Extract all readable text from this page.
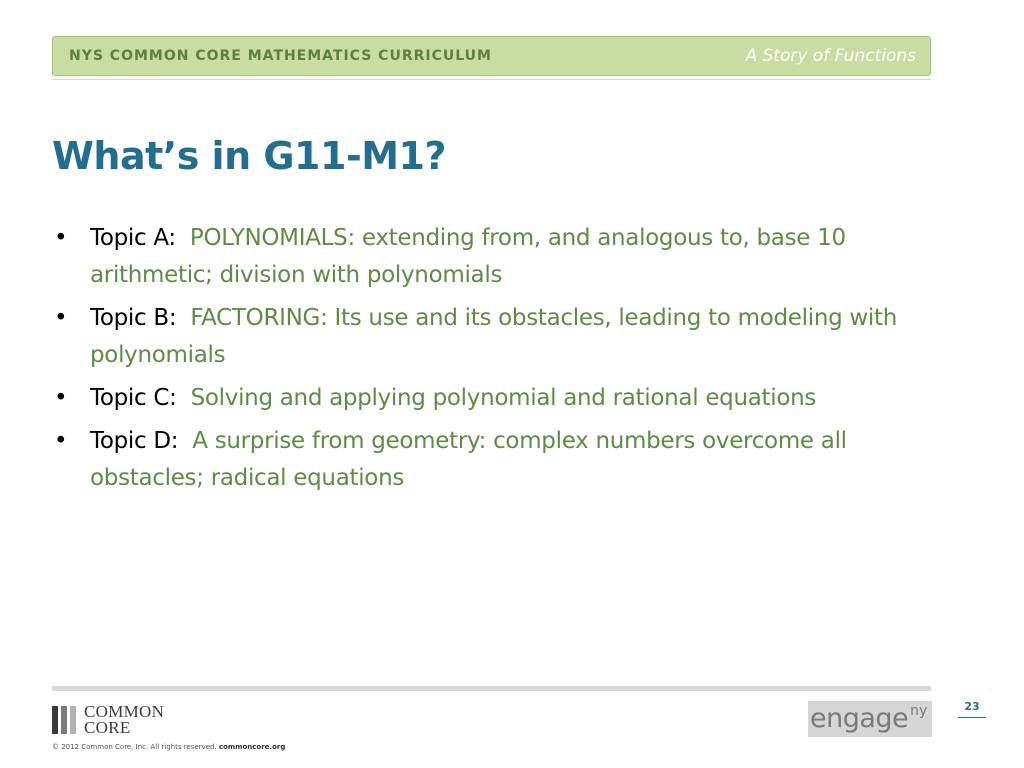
NYS COMMON CORE MATHEMATICS CURRICULUM	A Story of Functions
What’s in G11-M1?
• Topic A: POLYNOMIALS: extending from, and analogous to, base 10 arithmetic; division with polynomials
• Topic B: FACTORING: Its use and its obstacles, leading to modeling with polynomials
• Topic C: Solving and applying polynomial and rational equations
• Topic D: A surprise from geometry: complex numbers overcome all obstacles; radical equations
COMMON
CORE
© 2012 Common Core, Inc. All rights reserved. commoncore.org
engage ny	23
